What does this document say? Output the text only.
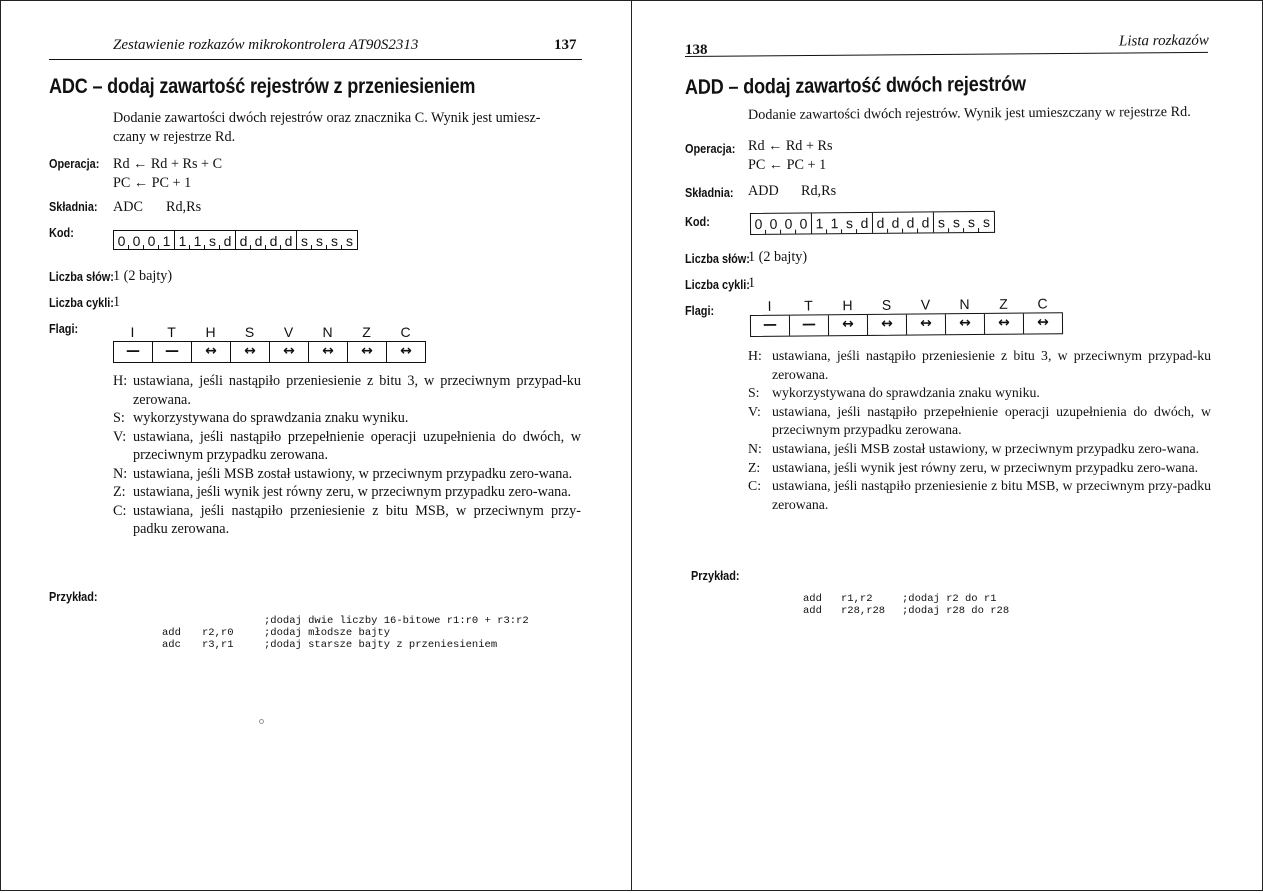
Zestawienie rozkazów mikrokontrolera AT90S2313	137
ADC – dodaj zawartość rejestrów z przeniesieniem
Dodanie zawartości dwóch rejestrów oraz znacznika C. Wynik jest umiesz-
czany w rejestrze Rd.
Operacja: Rd ← Rd + Rs + C
PC ← PC + 1
Składnia: ADC Rd,Rs
Kod:
0 0 0 1 1 1 s d d d d d s s s s
Liczba słów: 1 (2 bajty)
Liczba cykli: 1
Flagi:	I	T	H	S	V	N	Z	C
—	—	↔	↔	↔	↔	↔	↔
H: ustawiana, jeśli nastąpiło przeniesienie z bitu 3, w przeciwnym przypad-ku zerowana.
S: wykorzystywana do sprawdzania znaku wyniku.
V: ustawiana, jeśli nastąpiło przepełnienie operacji uzupełnienia do dwóch, w przeciwnym przypadku zerowana.
N: ustawiana, jeśli MSB został ustawiony, w przeciwnym przypadku zero-wana.
Z: ustawiana, jeśli wynik jest równy zeru, w przeciwnym przypadku zero-wana.
C: ustawiana, jeśli nastąpiło przeniesienie z bitu MSB, w przeciwnym przy-padku zerowana.
Przykład:
;dodaj dwie liczby 16-bitowe r1:r0 + r3:r2
add r2,r0	;dodaj młodsze bajty
adc r3,r1	;dodaj starsze bajty z przeniesieniem
138
Lista rozkazów
ADD – dodaj zawartość dwóch rejestrów
Dodanie zawartości dwóch rejestrów. Wynik jest umieszczany w rejestrze Rd.
Operacja: Rd ← Rd + Rs
PC ← PC + 1
Składnia: ADD Rd,Rs
Kod:	0 0 0 0 1 1 s d d d d d s s s s
Liczba słów:
1 (2 bajty)
Liczba cykli:
1
Flagi:	I	T	H	S	V	N	Z	C
—	—	↔	↔	↔	↔	↔	↔
H: ustawiana, jeśli nastąpiło przeniesienie z bitu 3, w przeciwnym przypad-ku zerowana.
S: wykorzystywana do sprawdzania znaku wyniku.
V: ustawiana, jeśli nastąpiło przepełnienie operacji uzupełnienia do dwóch, w przeciwnym przypadku zerowana.
N: ustawiana, jeśli MSB został ustawiony, w przeciwnym przypadku zero-wana.
Z: ustawiana, jeśli wynik jest równy zeru, w przeciwnym przypadku zero-wana.
C: ustawiana, jeśli nastąpiło przeniesienie z bitu MSB, w przeciwnym przy-padku zerowana.
Przykład:
add r1,r2	;dodaj r2 do r1
add r28,r28 ;dodaj r28 do r28
